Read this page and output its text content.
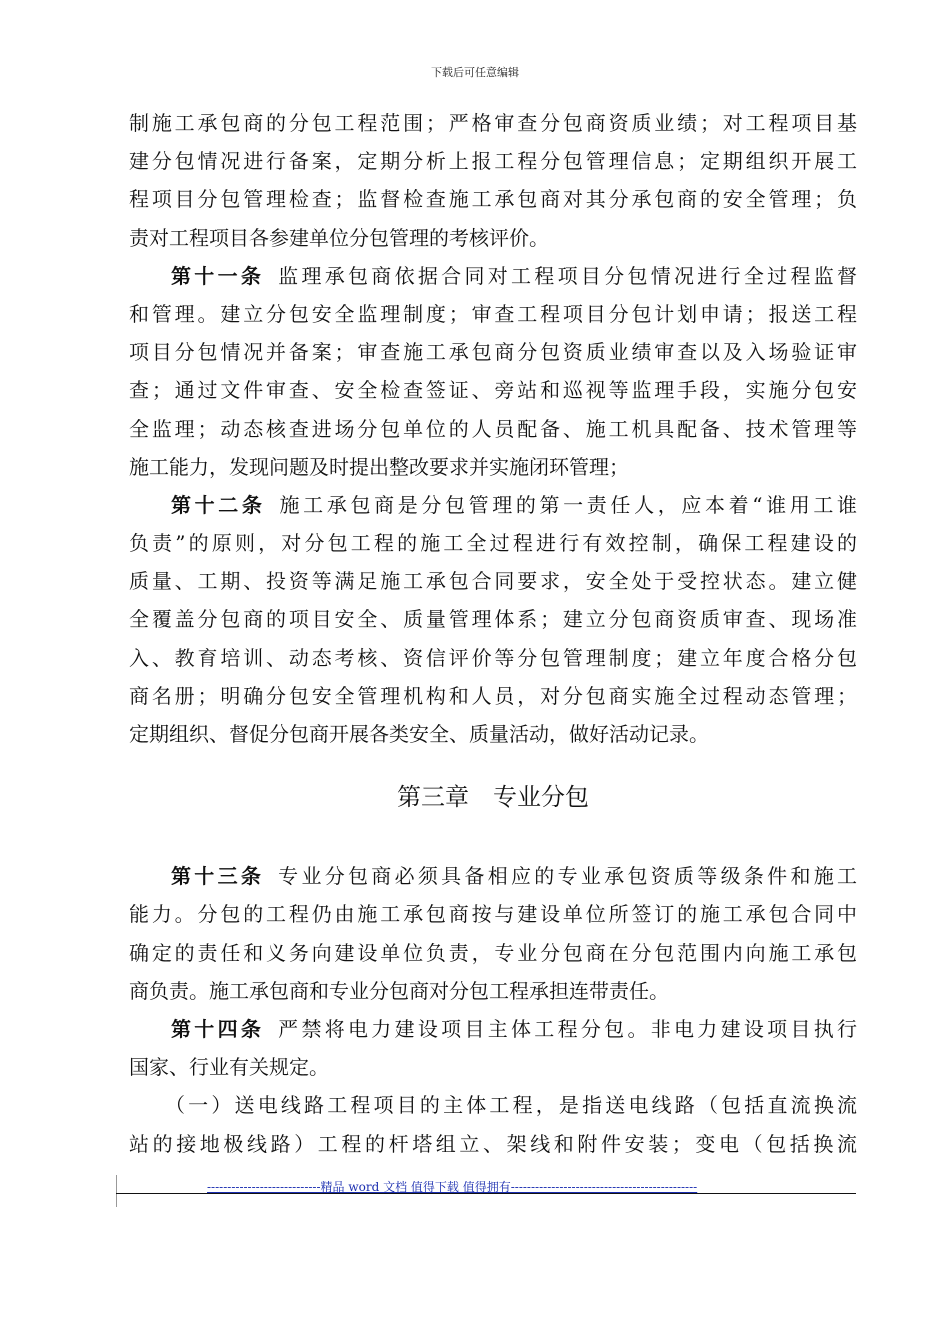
下载后可任意编辑
制施工承包商的分包工程范围；严格审查分包商资质业绩；对工程项目基
建分包情况进行备案，定期分析上报工程分包管理信息；定期组织开展工
程项目分包管理检查；监督检查施工承包商对其分承包商的安全管理；负
责对工程项目各参建单位分包管理的考核评价。
第十一条 监理承包商依据合同对工程项目分包情况进行全过程监督
和管理。建立分包安全监理制度；审查工程项目分包计划申请；报送工程
项目分包情况并备案；审查施工承包商分包资质业绩审查以及入场验证审
查；通过文件审查、安全检查签证、旁站和巡视等监理手段，实施分包安
全监理；动态核查进场分包单位的人员配备、施工机具配备、技术管理等
施工能力，发现问题及时提出整改要求并实施闭环管理；
第十二条 施工承包商是分包管理的第一责任人，应本着“谁用工谁
负责”的原则，对分包工程的施工全过程进行有效控制，确保工程建设的
质量、工期、投资等满足施工承包合同要求，安全处于受控状态。建立健
全覆盖分包商的项目安全、质量管理体系；建立分包商资质审查、现场准
入、教育培训、动态考核、资信评价等分包管理制度；建立年度合格分包
商名册；明确分包安全管理机构和人员，对分包商实施全过程动态管理；
定期组织、督促分包商开展各类安全、质量活动，做好活动记录。
第三章 专业分包
第十三条 专业分包商必须具备相应的专业承包资质等级条件和施工
能力。分包的工程仍由施工承包商按与建设单位所签订的施工承包合同中
确定的责任和义务向建设单位负责，专业分包商在分包范围内向施工承包
商负责。施工承包商和专业分包商对分包工程承担连带责任。
第十四条 严禁将电力建设项目主体工程分包。非电力建设项目执行
国家、行业有关规定。
（一）送电线路工程项目的主体工程，是指送电线路（包括直流换流
站的接地极线路）工程的杆塔组立、架线和附件安装；变电（包括换流
----------------------------精品 word 文档 值得下载 值得拥有----------------------------------------------
